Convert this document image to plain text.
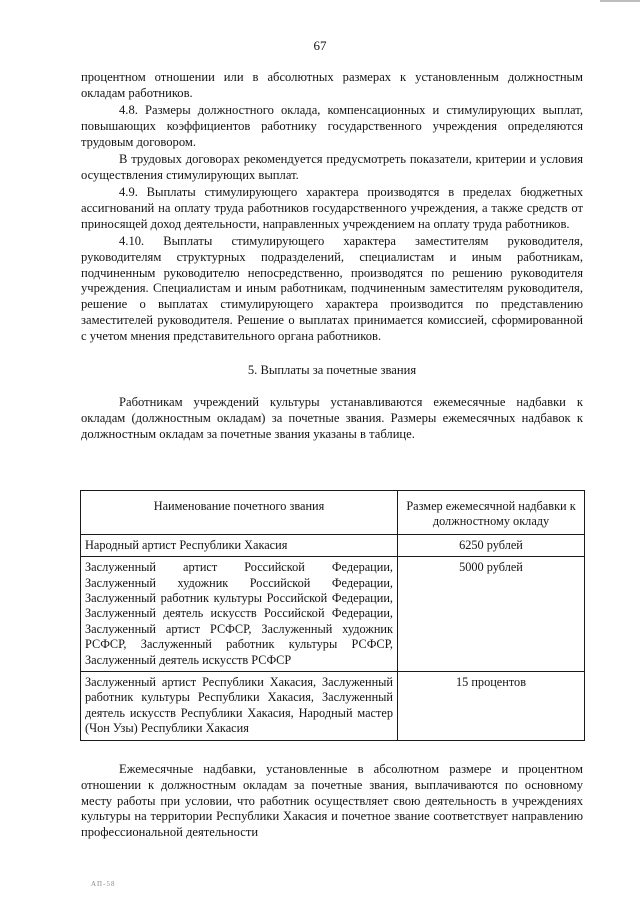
67

процентном отношении или в абсолютных размерах к установленным должностным окладам работников.

4.8. Размеры должностного оклада, компенсационных и стимулирующих выплат, повышающих коэффициентов работнику государственного учреждения определяются трудовым договором.

В трудовых договорах рекомендуется предусмотреть показатели, критерии и условия осуществления стимулирующих выплат.

4.9. Выплаты стимулирующего характера производятся в пределах бюджетных ассигнований на оплату труда работников государственного учреждения, а также средств от приносящей доход деятельности, направленных учреждением на оплату труда работников.

4.10. Выплаты стимулирующего характера заместителям руководителя, руководителям структурных подразделений, специалистам и иным работникам, подчиненным руководителю непосредственно, производятся по решению руководителя учреждения. Специалистам и иным работникам, подчиненным заместителям руководителя, решение о выплатах стимулирующего характера производится по представлению заместителей руководителя. Решение о выплатах принимается комиссией, сформированной с учетом мнения представительного органа работников.

5. Выплаты за почетные звания

Работникам учреждений культуры устанавливаются ежемесячные надбавки к окладам (должностным окладам) за почетные звания. Размеры ежемесячных надбавок к должностным окладам за почетные звания указаны в таблице.

Наименование почетного звания	Размер ежемесячной надбавки к должностному окладу
Народный артист Республики Хакасия	6250 рублей
Заслуженный артист Российской Федерации, Заслуженный художник Российской Федерации, Заслуженный работник культуры Российской Федерации, Заслуженный деятель искусств Российской Федерации, Заслуженный артист РСФСР, Заслуженный художник РСФСР, Заслуженный работник культуры РСФСР, Заслуженный деятель искусств РСФСР	5000 рублей
Заслуженный артист Республики Хакасия, Заслуженный работник культуры Республики Хакасия, Заслуженный деятель искусств Республики Хакасия, Народный мастер (Чон Узы) Республики Хакасия	15 процентов

Ежемесячные надбавки, установленные в абсолютном размере и процентном отношении к должностным окладам за почетные звания, выплачиваются по основному месту работы при условии, что работник осуществляет свою деятельность в учреждениях культуры на территории Республики Хакасия и почетное звание соответствует направлению профессиональной деятельности

АП-58
